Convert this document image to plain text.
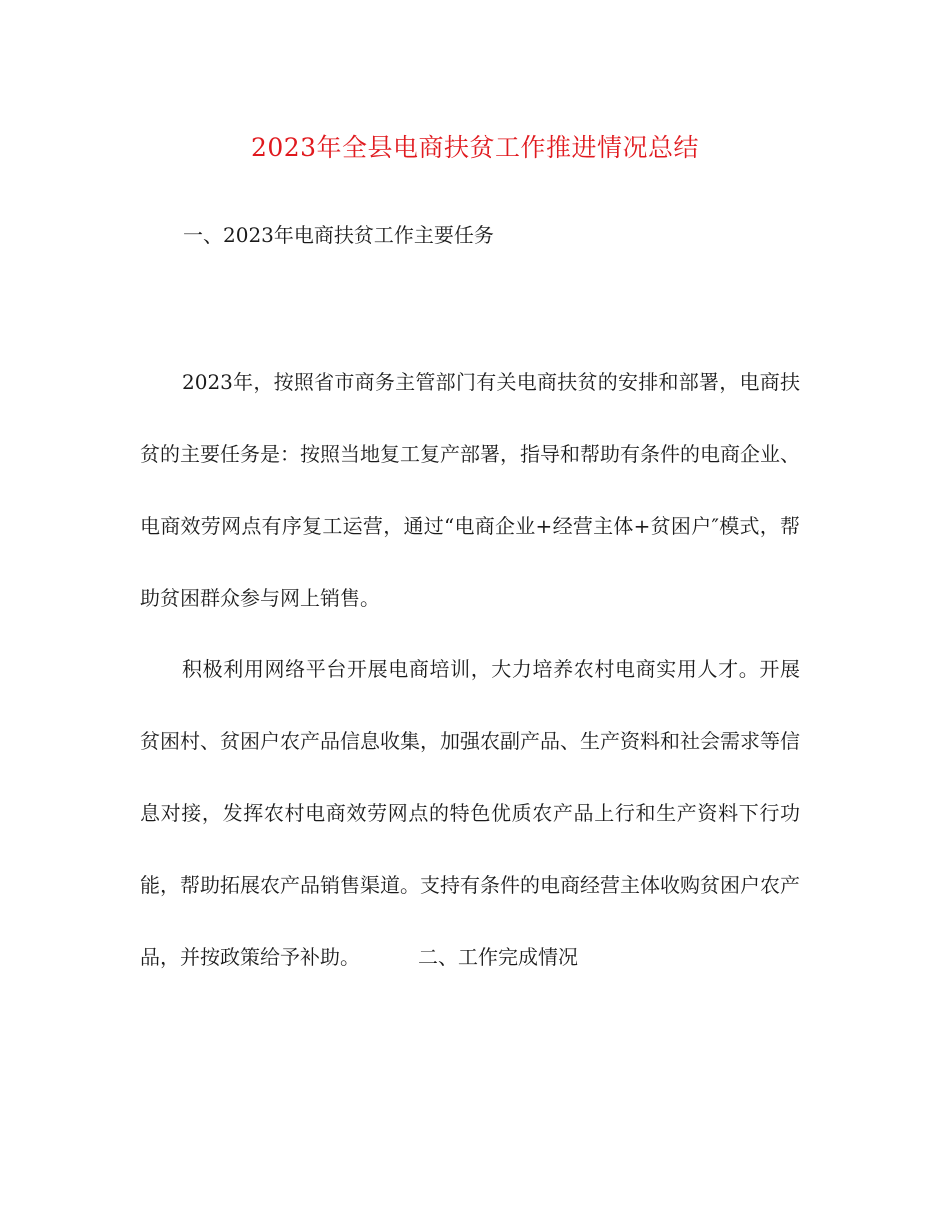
2023年全县电商扶贫工作推进情况总结
一、2023年电商扶贫工作主要任务
2023年，按照省市商务主管部门有关电商扶贫的安排和部署，电商扶贫的主要任务是：按照当地复工复产部署，指导和帮助有条件的电商企业、电商效劳网点有序复工运营，通过“电商企业+经营主体+贫困户″模式，帮助贫困群众参与网上销售。
积极利用网络平台开展电商培训，大力培养农村电商实用人才。开展贫困村、贫困户农产品信息收集，加强农副产品、生产资料和社会需求等信息对接，发挥农村电商效劳网点的特色优质农产品上行和生产资料下行功能，帮助拓展农产品销售渠道。支持有条件的电商经营主体收购贫困户农产品，并按政策给予补助。	二、工作完成情况
